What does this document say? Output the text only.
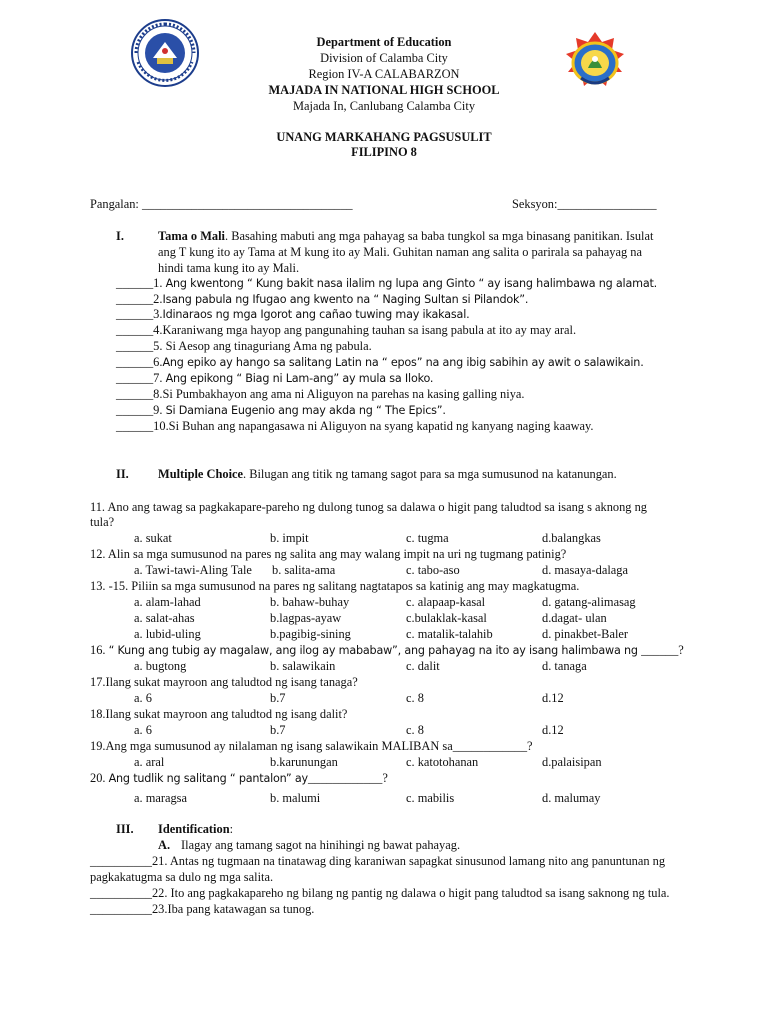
Department of Education
Division of Calamba City
Region IV-A CALABARZON
MAJADA IN NATIONAL HIGH SCHOOL
Majada In, Canlubang Calamba City
UNANG MARKAHANG PAGSUSULIT
FILIPINO 8
Pangalan: __________________________________	Seksyon:________________
I.	Tama o Mali. Basahing mabuti ang mga pahayag sa baba tungkol sa mga binasang panitikan. Isulat
ang T kung ito ay Tama at M kung ito ay Mali. Guhitan naman ang salita o parirala sa pahayag na
hindi tama kung ito ay Mali.
______1. Ang kwentong “ Kung bakit nasa ilalim ng lupa ang Ginto “ ay isang halimbawa ng alamat.
______2.Isang pabula ng Ifugao ang kwento na “ Naging Sultan si Pilandok”.
______3.Idinaraos ng mga Igorot ang cañao tuwing may ikakasal.
______4.Karaniwang mga hayop ang pangunahing tauhan sa isang pabula at ito ay may aral.
______5. Si Aesop ang tinaguriang Ama ng pabula.
______6.Ang epiko ay hango sa salitang Latin na “ epos” na ang ibig sabihin ay awit o salawikain.
______7. Ang epikong “ Biag ni Lam-ang” ay mula sa Iloko.
______8.Si Pumbakhayon ang ama ni Aliguyon na parehas na kasing galling niya.
______9. Si Damiana Eugenio ang may akda ng “ The Epics”.
______10.Si Buhan ang napangasawa ni Aliguyon na syang kapatid ng kanyang naging kaaway.
II. Multiple Choice. Bilugan ang titik ng tamang sagot para sa mga sumusunod na katanungan.
11. Ano ang tawag sa pagkakapare-pareho ng dulong tunog sa dalawa o higit pang taludtod sa isang s aknong ng
tula?
a. sukat	b. impit	c. tugma	d.balangkas
12. Alin sa mga sumusunod na pares ng salita ang may walang impit na uri ng tugmang patinig?
a. Tawi-tawi-Aling Tale b. salita-ama	c. tabo-aso	d. masaya-dalaga
13. -15. Piliin sa mga sumusunod na pares ng salitang nagtatapos sa katinig ang may magkatugma.
a. alam-lahad	b. bahaw-buhay	c. alapaap-kasal	d. gatang-alimasag
a. salat-ahas	b.lagpas-ayaw	c.bulaklak-kasal	d.dagat- ulan
a. lubid-uling	b.pagibig-sining	c. matalik-talahib	d. pinakbet-Baler
16. “ Kung ang tubig ay magalaw, ang ilog ay mababaw”, ang pahayag na ito ay isang halimbawa ng ______?
a. bugtong	b. salawikain	c. dalit	d. tanaga
17.Ilang sukat mayroon ang taludtod ng isang tanaga?
a. 6	b.7	c. 8	d.12
18.Ilang sukat mayroon ang taludtod ng isang dalit?
a. 6	b.7	c. 8	d.12
19.Ang mga sumusunod ay nilalaman ng isang salawikain MALIBAN sa____________?
a. aral	b.karunungan	c. katotohanan	d.palaisipan
20. Ang tudlik ng salitang “ pantalon” ay____________?
a. maragsa	b. malumi	c. mabilis	d. malumay
III. Identification:
A. Ilagay ang tamang sagot na hinihingi ng bawat pahayag.
__________21. Antas ng tugmaan na tinatawag ding karaniwan sapagkat sinusunod lamang nito ang panuntunan ng
pagkakatugma sa dulo ng mga salita.
__________22. Ito ang pagkakapareho ng bilang ng pantig ng dalawa o higit pang taludtod sa isang saknong ng tula.
__________23.Iba pang katawagan sa tunog.
